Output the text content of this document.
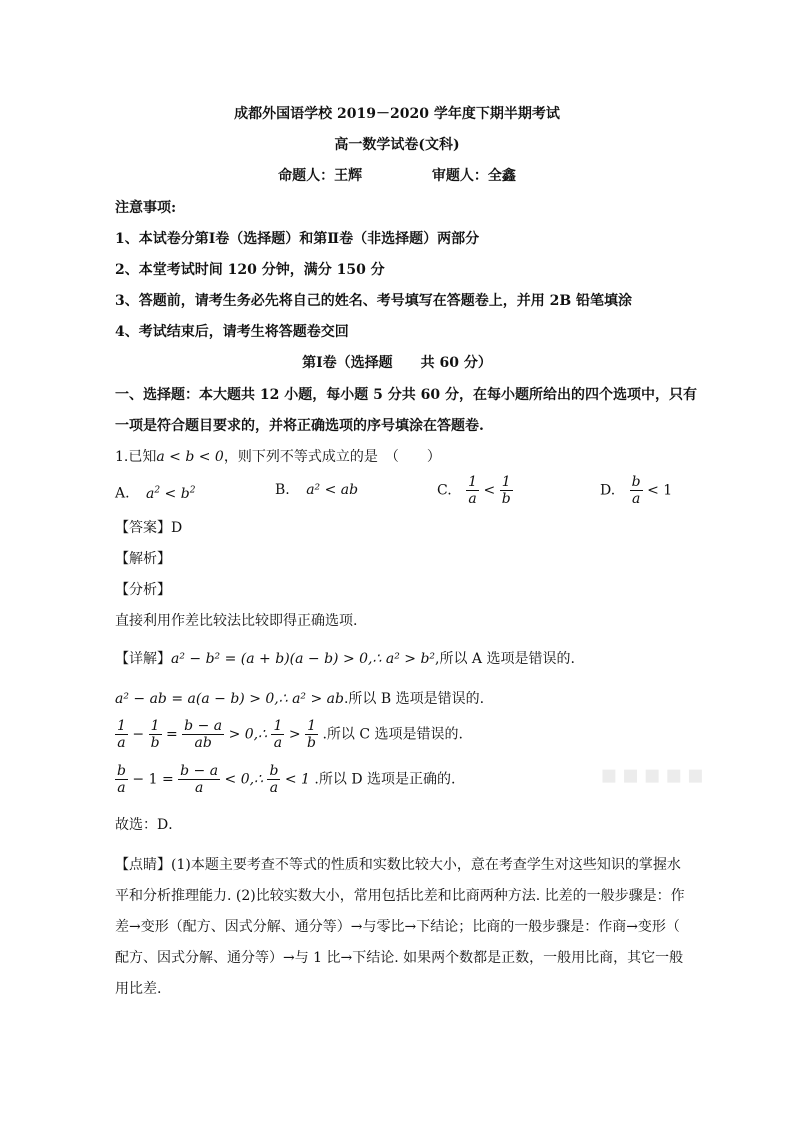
成都外国语学校 2019－2020 学年度下期半期考试
高一数学试卷(文科)
命题人：王辉	审题人：全鑫
注意事项:
1、本试卷分第Ⅰ卷（选择题）和第Ⅱ卷（非选择题）两部分
2、本堂考试时间 120 分钟，满分 150 分
3、答题前，请考生务必先将自己的姓名、考号填写在答题卷上，并用 2B 铅笔填涂
4、考试结束后，请考生将答题卷交回
第Ⅰ卷（选择题　　共 60 分）
一、选择题：本大题共 12 小题，每小题 5 分共 60 分，在每小题所给出的四个选项中，只有
一项是符合题目要求的，并将正确选项的序号填涂在答题卷.
1.已知a < b < 0，则下列不等式成立的是　（　　）
A. $a^2 < b^2$	B. a² < ab	C. $\frac{1}{a} < \frac{1}{b}$	D. $\frac{b}{a} < 1$
【答案】D
【解析】
【分析】
直接利用作差比较法比较即得正确选项.
【详解】a² − b² = (a + b)(a − b) > 0,∴ a² > b²,所以 A 选项是错误的.
a² − ab = a(a − b) > 0,∴ a² > ab.所以 B 选项是错误的.
$\frac{1}{a} - \frac{1}{b} = \frac{b - a}{ab}$ > 0,∴ $\frac{1}{a} > \frac{1}{b}$ .所以 C 选项是错误的.
$\frac{b}{a} - 1 = \frac{b - a}{a}$ < 0,∴ $\frac{b}{a} < 1$ .所以 D 选项是正确的.
故选：D．
【点睛】(1)本题主要考查不等式的性质和实数比较大小，意在考查学生对这些知识的掌握水
平和分析推理能力. (2)比较实数大小，常用包括比差和比商两种方法. 比差的一般步骤是：作
差→变形（配方、因式分解、通分等）→与零比→下结论；比商的一般步骤是：作商→变形（
配方、因式分解、通分等）→与 1 比→下结论. 如果两个数都是正数，一般用比商，其它一般
用比差.
▪▪▪▪▪
